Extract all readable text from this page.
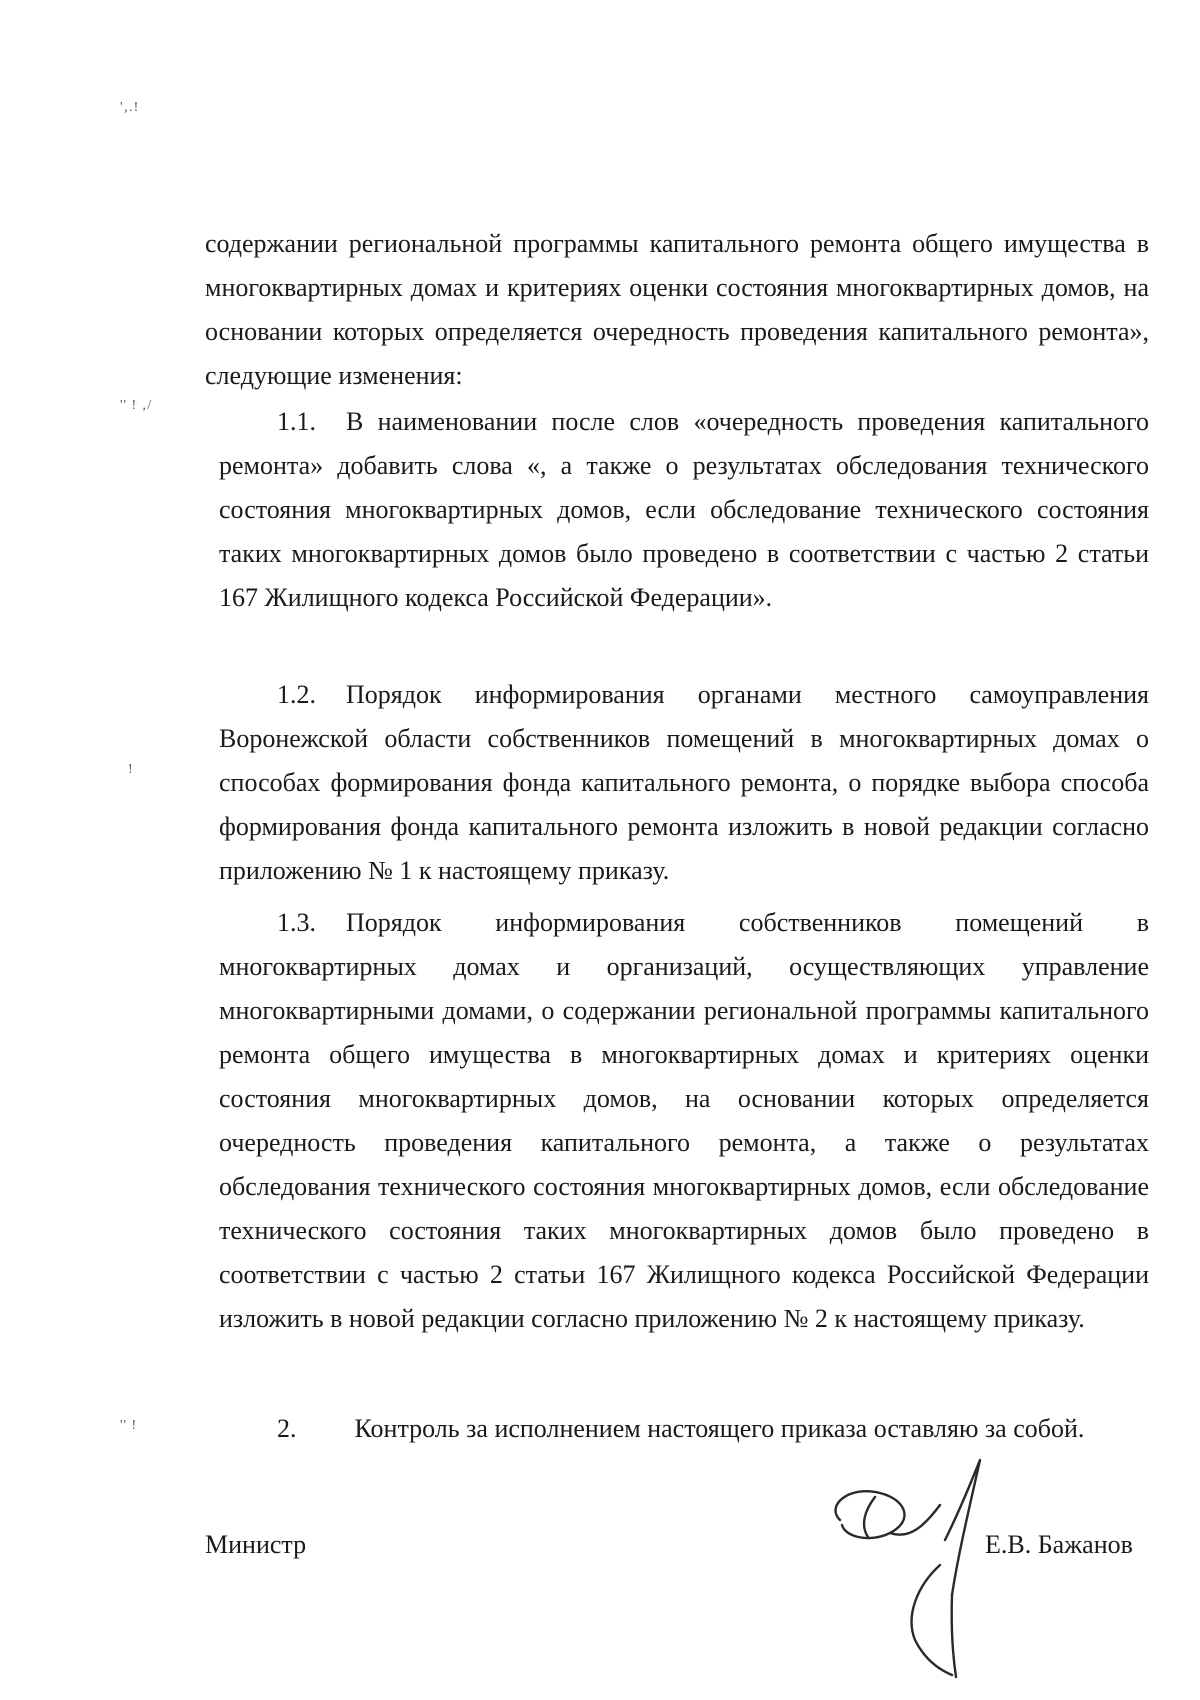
'‚.!
'' ! ‚/
!
'' !

содержании региональной программы капитального ремонта общего имущества в многоквартирных домах и критериях оценки состояния многоквартирных домов, на основании которых определяется очередность проведения капитального ремонта», следующие изменения:

1.1. В наименовании после слов «очередность проведения капитального ремонта» добавить слова «, а также о результатах обследования технического состояния многоквартирных домов, если обследование технического состояния таких многоквартирных домов было проведено в соответствии с частью 2 статьи 167 Жилищного кодекса Российской Федерации».

1.2. Порядок информирования органами местного самоуправления Воронежской области собственников помещений в многоквартирных домах о способах формирования фонда капитального ремонта, о порядке выбора способа формирования фонда капитального ремонта изложить в новой редакции согласно приложению № 1 к настоящему приказу.

1.3. Порядок информирования собственников помещений в многоквартирных домах и организаций, осуществляющих управление многоквартирными домами, о содержании региональной программы капитального ремонта общего имущества в многоквартирных домах и критериях оценки состояния многоквартирных домов, на основании которых определяется очередность проведения капитального ремонта, а также о результатах обследования технического состояния многоквартирных домов, если обследование технического состояния таких многоквартирных домов было проведено в соответствии с частью 2 статьи 167 Жилищного кодекса Российской Федерации изложить в новой редакции согласно приложению № 2 к настоящему приказу.

2. Контроль за исполнением настоящего приказа оставляю за собой.

Министр	Е.В. Бажанов
